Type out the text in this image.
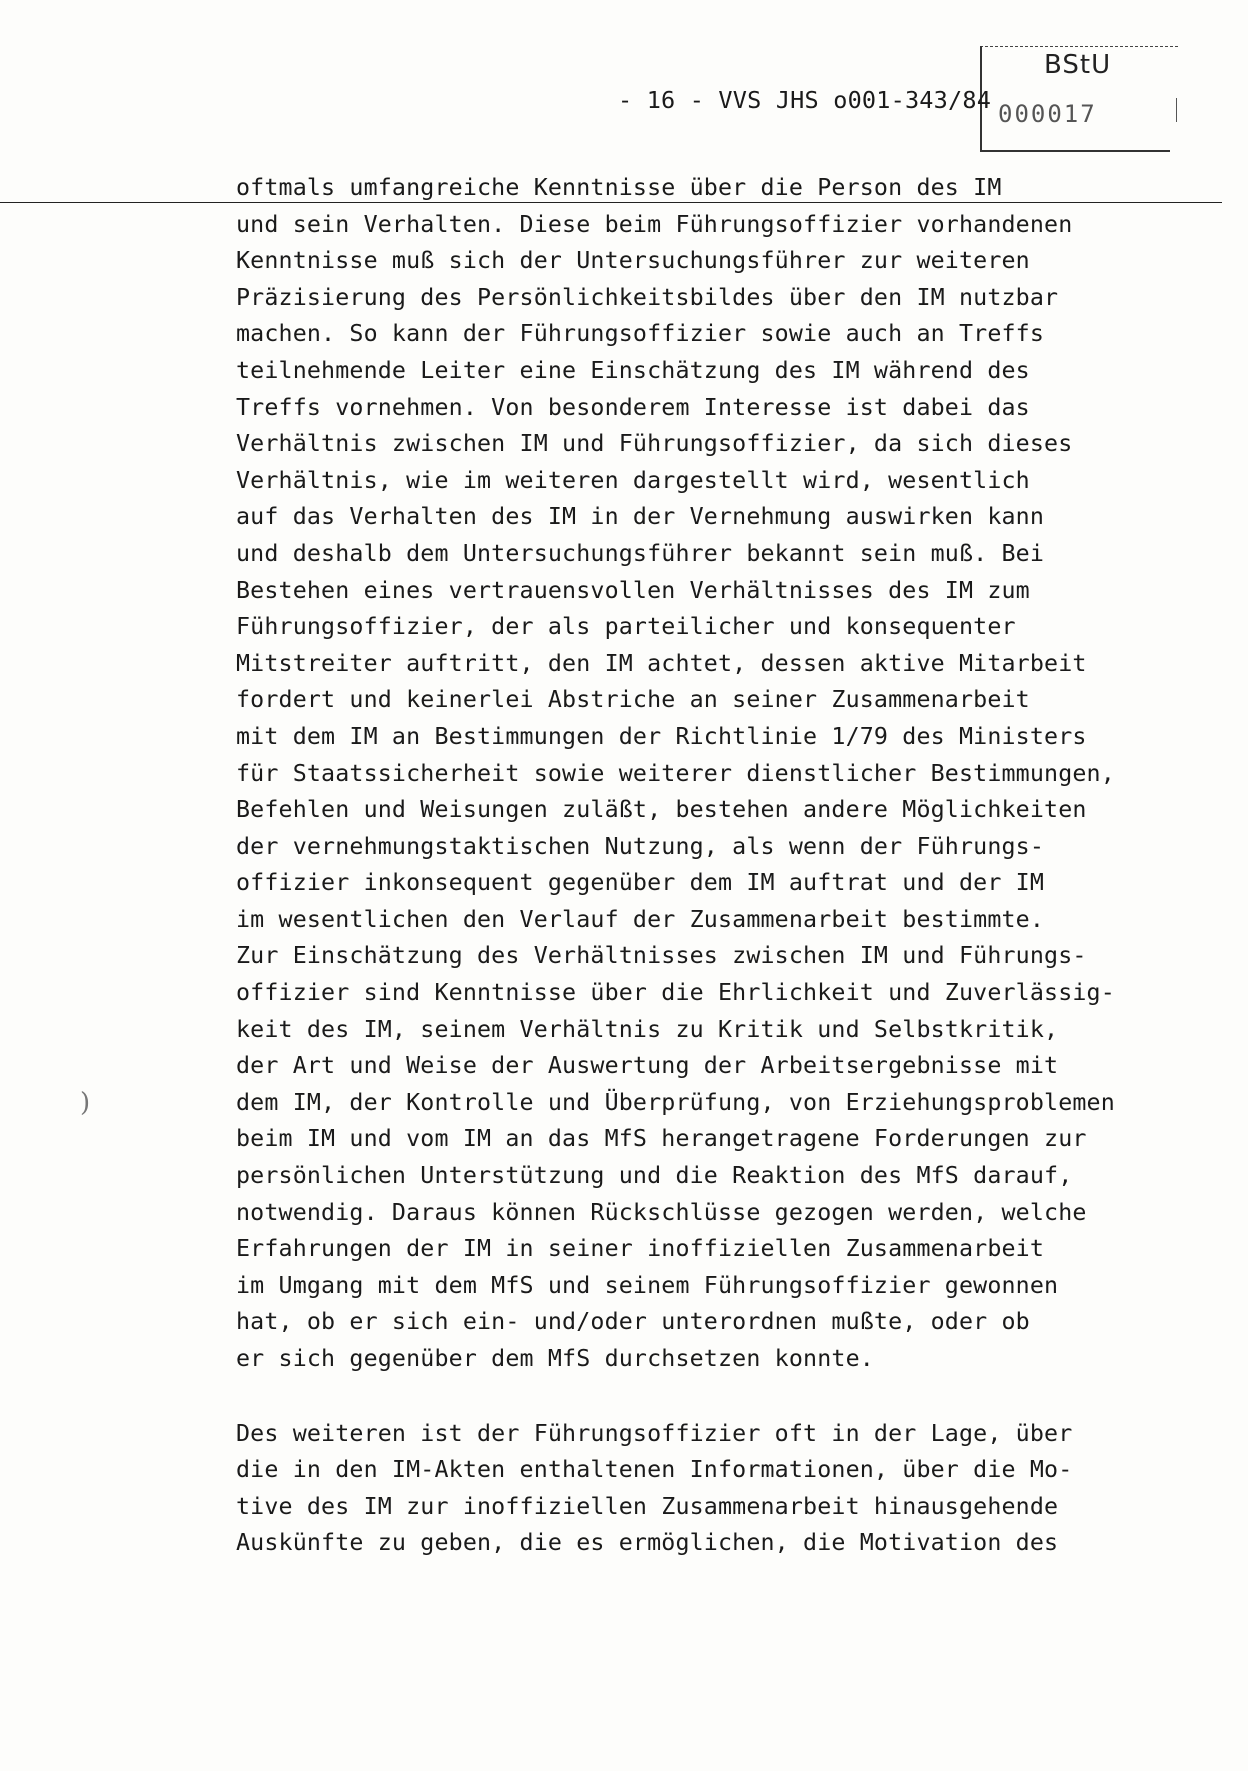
BStU
000017
- 16 - VVS JHS o001-343/84
)
oftmals umfangreiche Kenntnisse über die Person des IM
und sein Verhalten. Diese beim Führungsoffizier vorhandenen
Kenntnisse muß sich der Untersuchungsführer zur weiteren
Präzisierung des Persönlichkeitsbildes über den IM nutzbar
machen. So kann der Führungsoffizier sowie auch an Treffs
teilnehmende Leiter eine Einschätzung des IM während des
Treffs vornehmen. Von besonderem Interesse ist dabei das
Verhältnis zwischen IM und Führungsoffizier, da sich dieses
Verhältnis, wie im weiteren dargestellt wird, wesentlich
auf das Verhalten des IM in der Vernehmung auswirken kann
und deshalb dem Untersuchungsführer bekannt sein muß. Bei
Bestehen eines vertrauensvollen Verhältnisses des IM zum
Führungsoffizier, der als parteilicher und konsequenter
Mitstreiter auftritt, den IM achtet, dessen aktive Mitarbeit
fordert und keinerlei Abstriche an seiner Zusammenarbeit
mit dem IM an Bestimmungen der Richtlinie 1/79 des Ministers
für Staatssicherheit sowie weiterer dienstlicher Bestimmungen,
Befehlen und Weisungen zuläßt, bestehen andere Möglichkeiten
der vernehmungstaktischen Nutzung, als wenn der Führungs-
offizier inkonsequent gegenüber dem IM auftrat und der IM
im wesentlichen den Verlauf der Zusammenarbeit bestimmte.
Zur Einschätzung des Verhältnisses zwischen IM und Führungs-
offizier sind Kenntnisse über die Ehrlichkeit und Zuverlässig-
keit des IM, seinem Verhältnis zu Kritik und Selbstkritik,
der Art und Weise der Auswertung der Arbeitsergebnisse mit
dem IM, der Kontrolle und Überprüfung, von Erziehungsproblemen
beim IM und vom IM an das MfS herangetragene Forderungen zur
persönlichen Unterstützung und die Reaktion des MfS darauf,
notwendig. Daraus können Rückschlüsse gezogen werden, welche
Erfahrungen der IM in seiner inoffiziellen Zusammenarbeit
im Umgang mit dem MfS und seinem Führungsoffizier gewonnen
hat, ob er sich ein- und/oder unterordnen mußte, oder ob
er sich gegenüber dem MfS durchsetzen konnte.
Des weiteren ist der Führungsoffizier oft in der Lage, über
die in den IM-Akten enthaltenen Informationen, über die Mo-
tive des IM zur inoffiziellen Zusammenarbeit hinausgehende
Auskünfte zu geben, die es ermöglichen, die Motivation des
